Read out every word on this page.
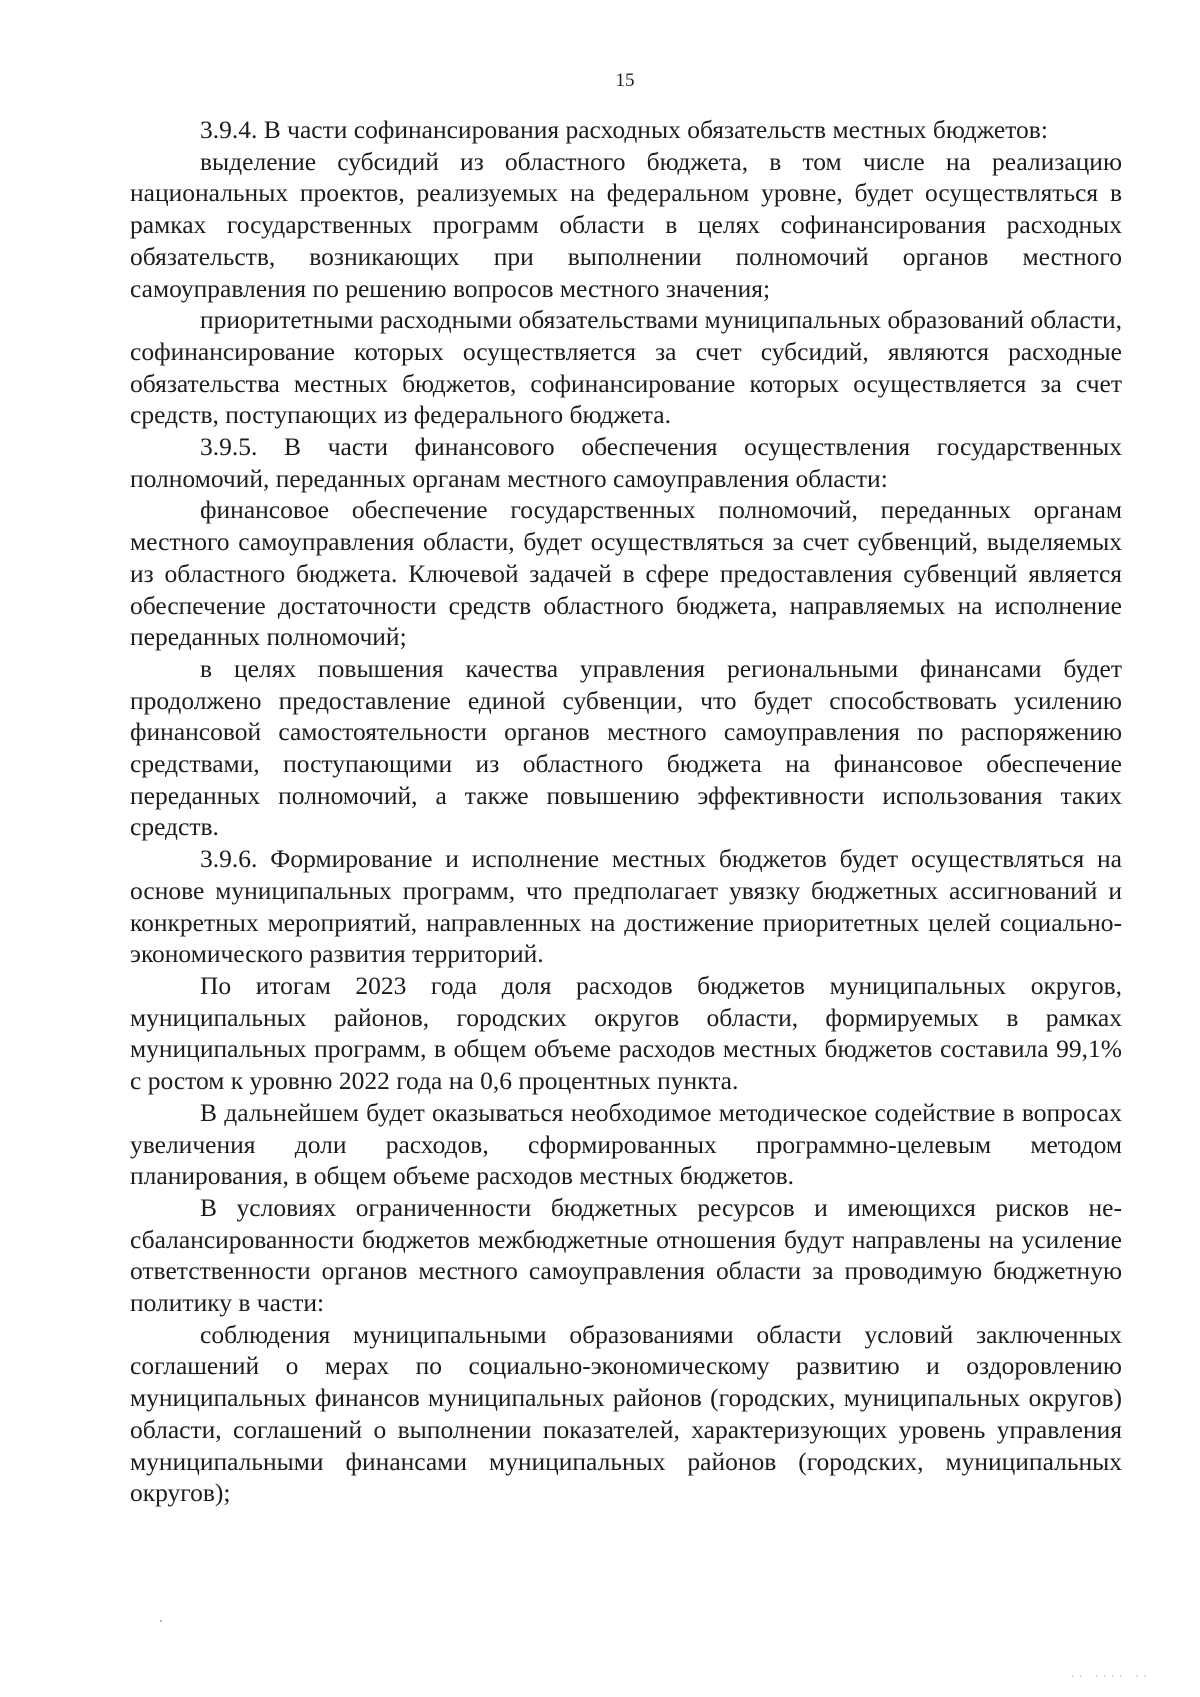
15

3.9.4. В части софинансирования расходных обязательств местных бюджетов:

выделение субсидий из областного бюджета, в том числе на реализацию национальных проектов, реализуемых на федеральном уровне, будет осуществляться в рамках государственных программ области в целях софинансирования расходных обязательств, возникающих при выполнении полномочий органов местного самоуправления по решению вопросов местного значения;

приоритетными расходными обязательствами муниципальных образований области, софинансирование которых осуществляется за счет субсидий, являются расходные обязательства местных бюджетов, софинансирование которых осуществляется за счет средств, поступающих из федерального бюджета.

3.9.5. В части финансового обеспечения осуществления государственных полномочий, переданных органам местного самоуправления области:

финансовое обеспечение государственных полномочий, переданных органам местного самоуправления области, будет осуществляться за счет субвенций, выделяемых из областного бюджета. Ключевой задачей в сфере предоставления субвенций является обеспечение достаточности средств областного бюджета, направляемых на исполнение переданных полномочий;

в целях повышения качества управления региональными финансами будет продолжено предоставление единой субвенции, что будет способствовать усилению финансовой самостоятельности органов местного самоуправления по распоряжению средствами, поступающими из областного бюджета на финансовое обеспечение переданных полномочий, а также повышению эффективности использования таких средств.

3.9.6. Формирование и исполнение местных бюджетов будет осуществляться на основе муниципальных программ, что предполагает увязку бюджетных ассигнований и конкретных мероприятий, направленных на достижение приоритетных целей социально-экономического развития территорий.

По итогам 2023 года доля расходов бюджетов муниципальных округов, муниципальных районов, городских округов области, формируемых в рамках муниципальных программ, в общем объеме расходов местных бюджетов составила 99,1% с ростом к уровню 2022 года на 0,6 процентных пункта.

В дальнейшем будет оказываться необходимое методическое содействие в вопросах увеличения доли расходов, сформированных программно-целевым методом планирования, в общем объеме расходов местных бюджетов.

В условиях ограниченности бюджетных ресурсов и имеющихся рисков несбалансированности бюджетов межбюджетные отношения будут направлены на усиление ответственности органов местного самоуправления области за проводимую бюджетную политику в части:

соблюдения муниципальными образованиями области условий заключенных соглашений о мерах по социально-экономическому развитию и оздоровлению муниципальных финансов муниципальных районов (городских, муниципальных округов) области, соглашений о выполнении показателей, характеризующих уровень управления муниципальными финансами муниципальных районов (городских, муниципальных округов);

'' '''' ''
